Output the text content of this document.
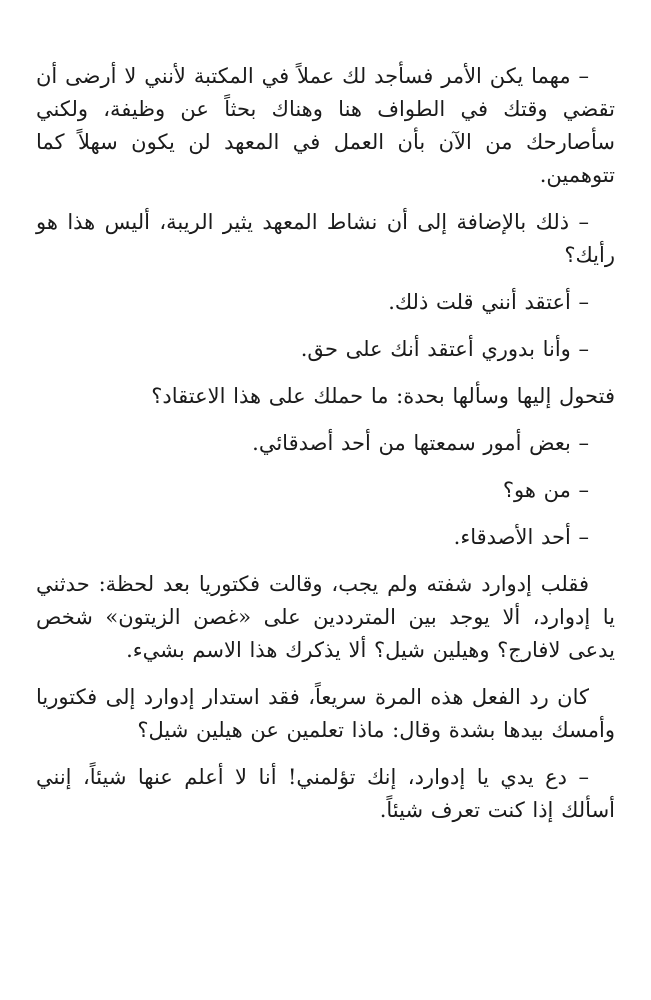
– مهما يكن الأمر فسأجد لك عملاً في المكتبة لأنني لا أرضى أن تقضي وقتك في الطواف هنا وهناك بحثاً عن وظيفة، ولكني سأصارحك من الآن بأن العمل في المعهد لن يكون سهلاً كما تتوهمين.

– ذلك بالإضافة إلى أن نشاط المعهد يثير الريبة، أليس هذا هو رأيك؟

– أعتقد أنني قلت ذلك.

– وأنا بدوري أعتقد أنك على حق.

فتحول إليها وسألها بحدة: ما حملك على هذا الاعتقاد؟

– بعض أمور سمعتها من أحد أصدقائي.

– من هو؟

– أحد الأصدقاء.

فقلب إدوارد شفته ولم يجب، وقالت فكتوريا بعد لحظة: حدثني يا إدوارد، ألا يوجد بين المترددين على «غصن الزيتون» شخص يدعى لافارج؟ وهيلين شيل؟ ألا يذكرك هذا الاسم بشيء.

كان رد الفعل هذه المرة سريعاً، فقد استدار إدوارد إلى فكتوريا وأمسك بيدها بشدة وقال: ماذا تعلمين عن هيلين شيل؟

– دع يدي يا إدوارد، إنك تؤلمني! أنا لا أعلم عنها شيئاً، إنني أسألك إذا كنت تعرف شيئاً.
